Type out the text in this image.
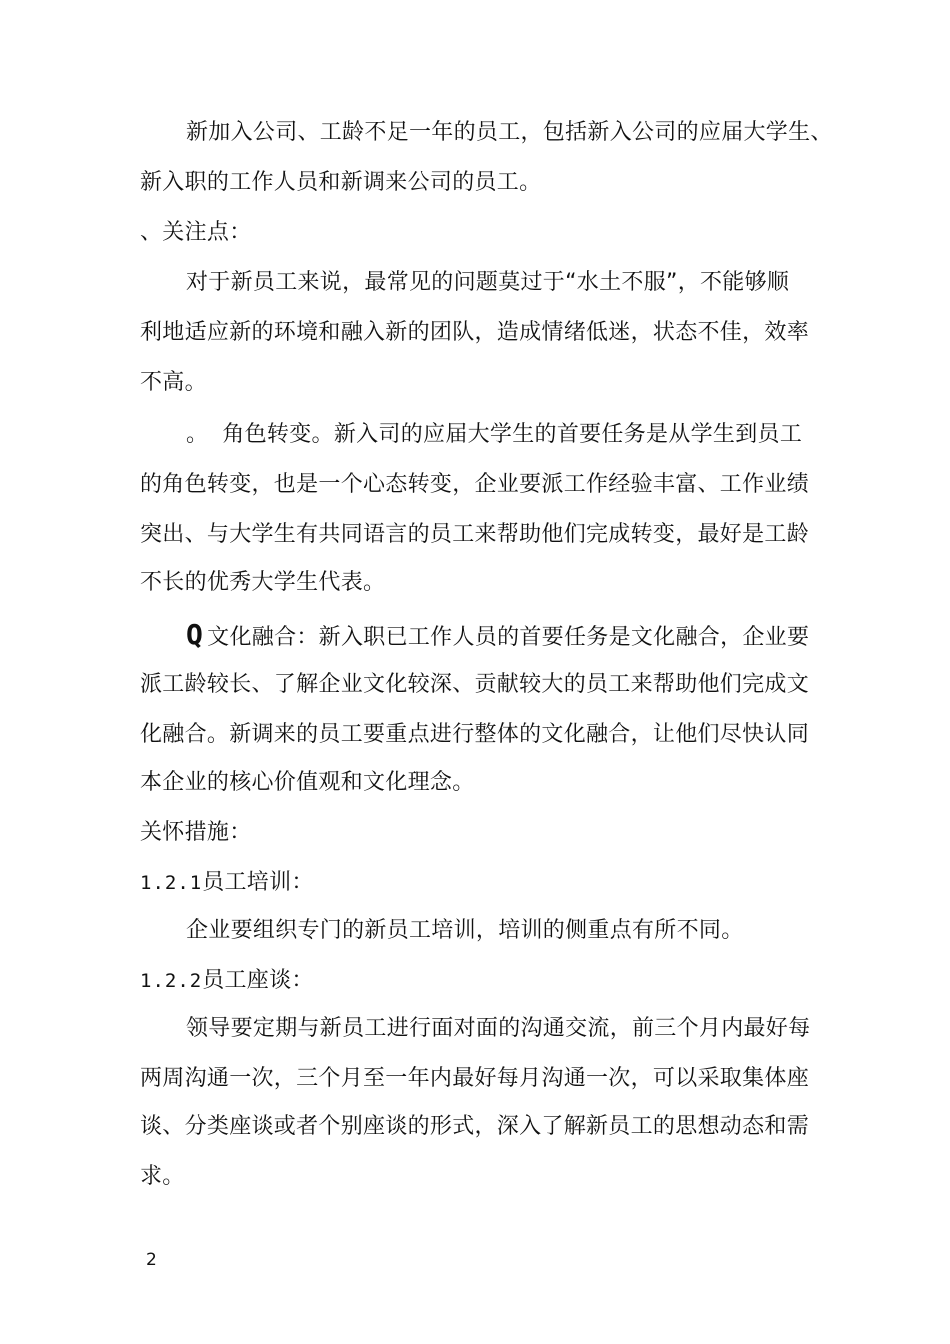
新加入公司、工龄不足一年的员工，包括新入公司的应届大学生、
新入职的工作人员和新调来公司的员工。
、关注点：
对于新员工来说，最常见的问题莫过于“水土不服”，不能够顺
利地适应新的环境和融入新的团队，造成情绪低迷，状态不佳，效率
不高。
。 角色转变。新入司的应届大学生的首要任务是从学生到员工
的角色转变，也是一个心态转变，企业要派工作经验丰富、工作业绩
突出、与大学生有共同语言的员工来帮助他们完成转变，最好是工龄
不长的优秀大学生代表。
Q 文化融合：新入职已工作人员的首要任务是文化融合，企业要
派工龄较长、了解企业文化较深、贡献较大的员工来帮助他们完成文
化融合。新调来的员工要重点进行整体的文化融合，让他们尽快认同
本企业的核心价值观和文化理念。
关怀措施：
1.2.1员工培训：
企业要组织专门的新员工培训，培训的侧重点有所不同。
1.2.2员工座谈：
领导要定期与新员工进行面对面的沟通交流，前三个月内最好每
两周沟通一次，三个月至一年内最好每月沟通一次，可以采取集体座
谈、分类座谈或者个别座谈的形式，深入了解新员工的思想动态和需
求。
2
